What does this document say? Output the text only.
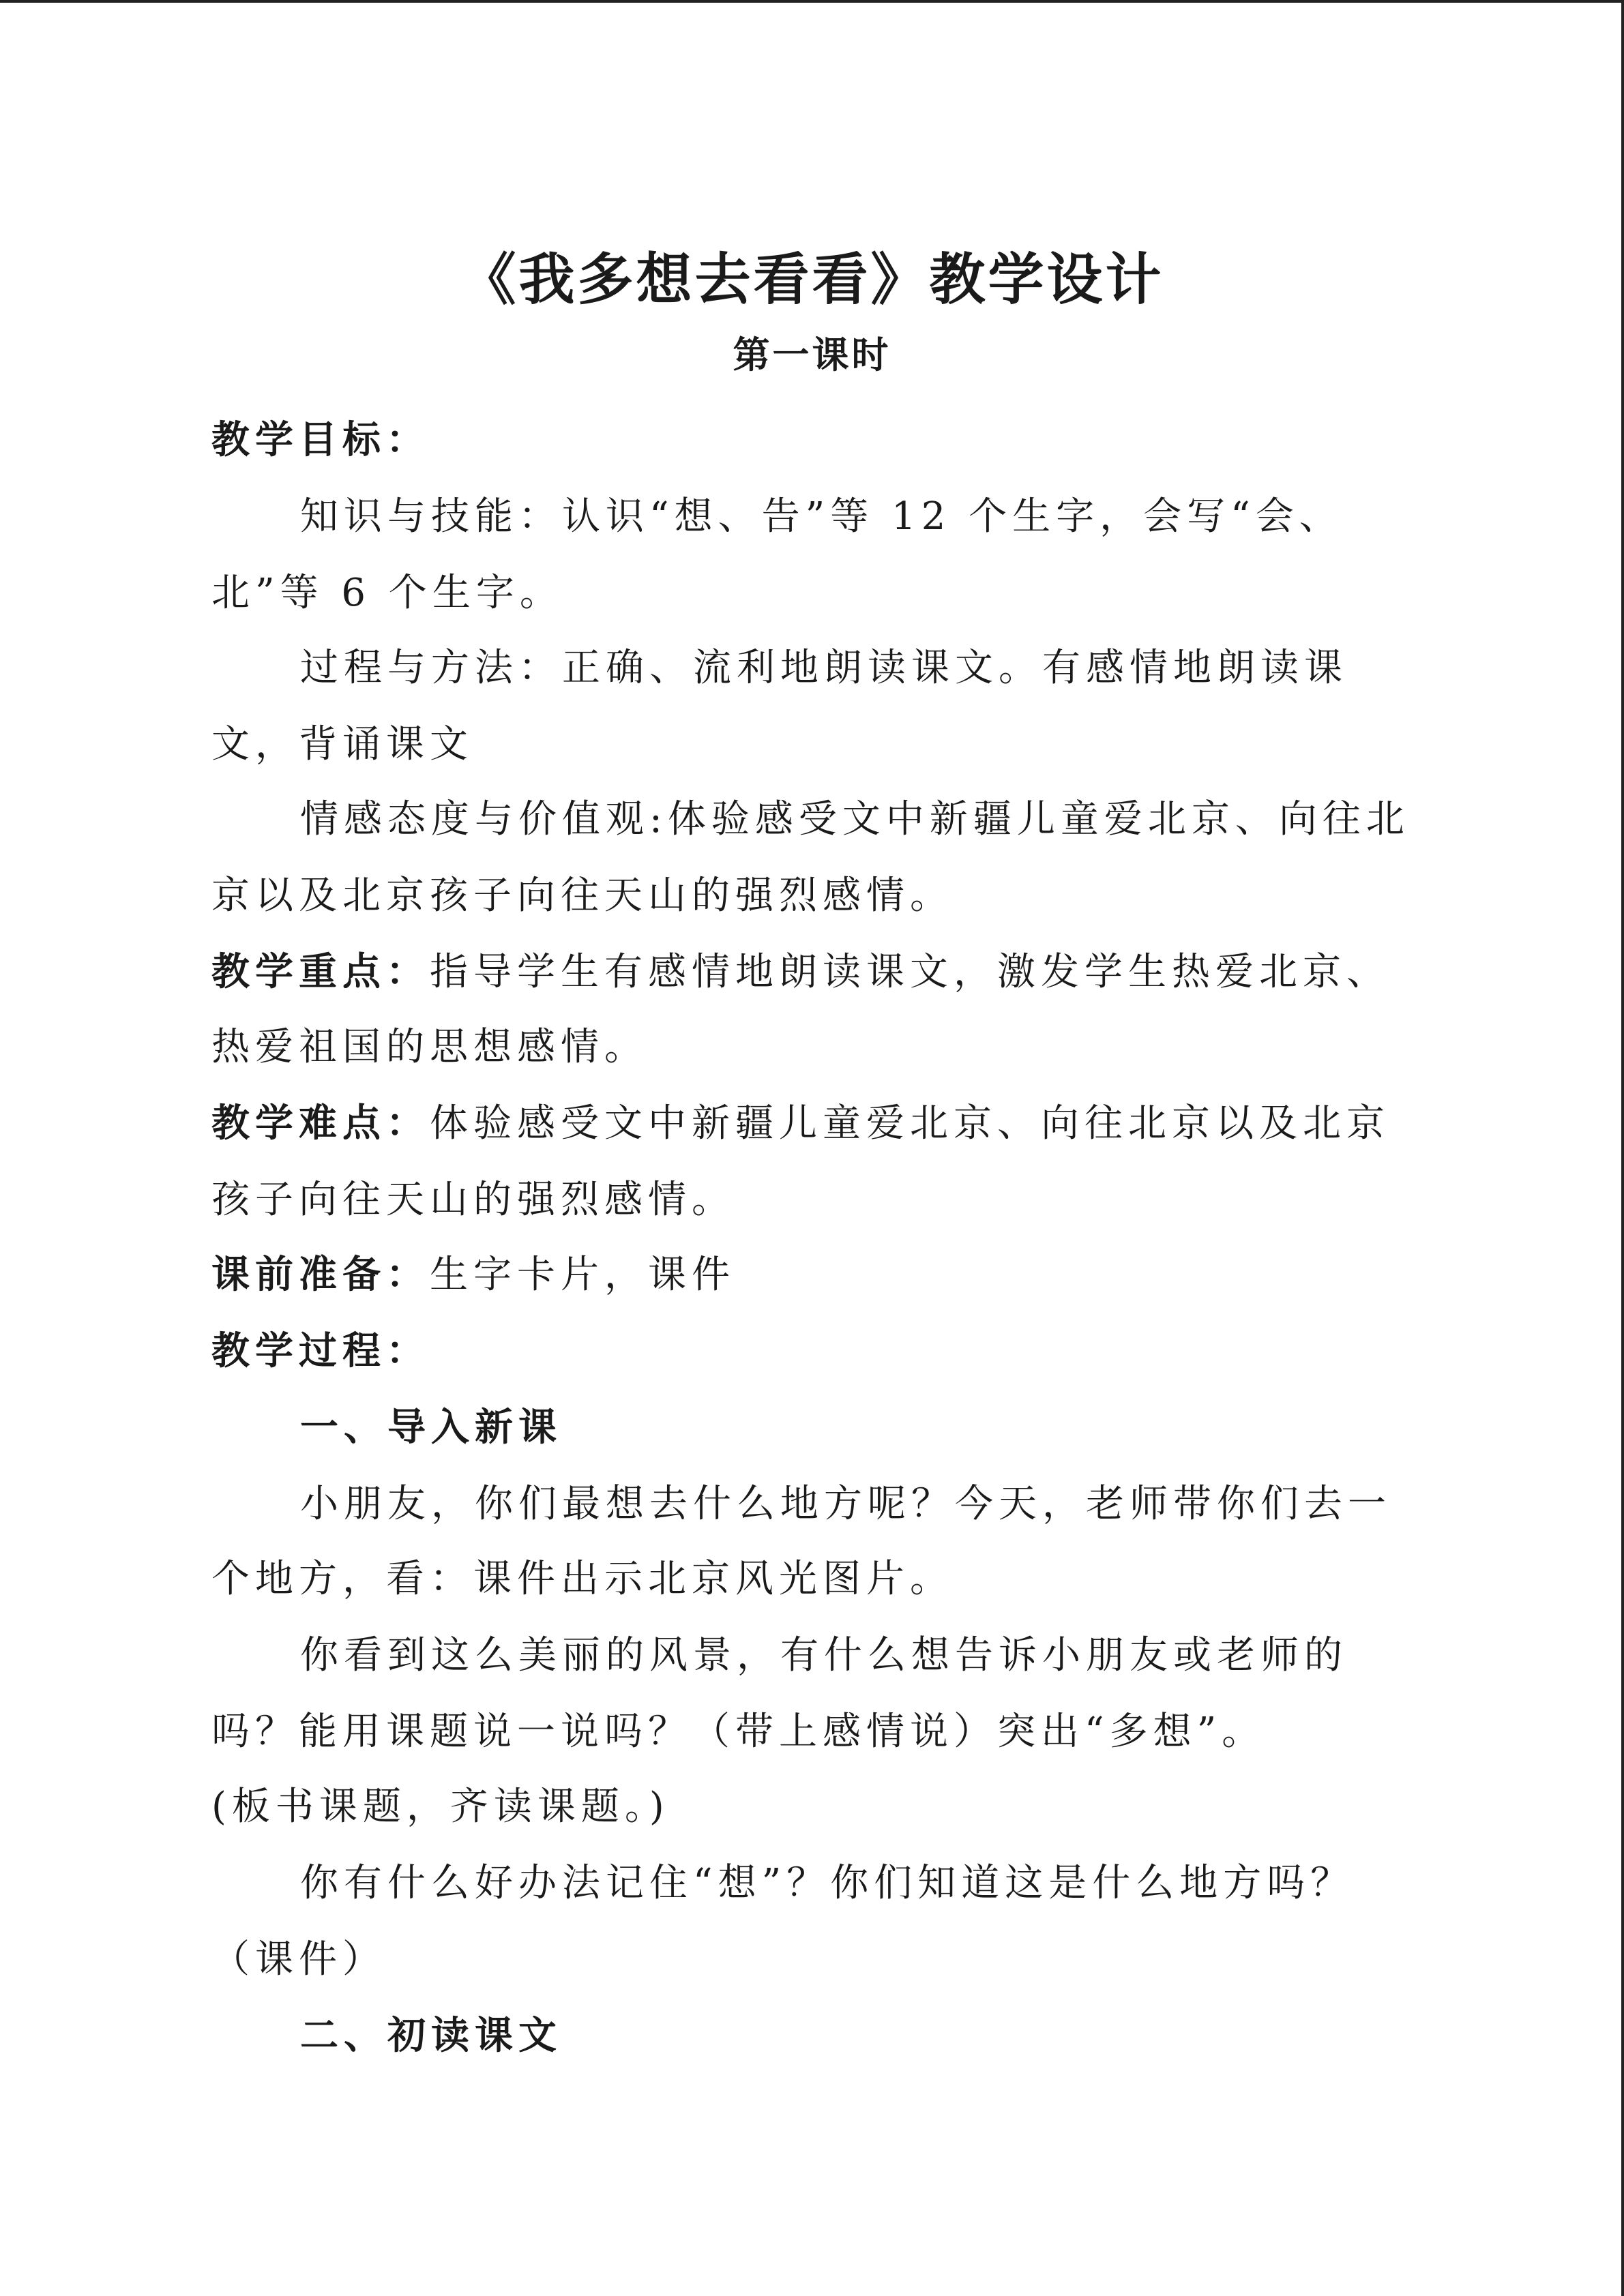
《我多想去看看》教学设计
第一课时
教学目标：
知识与技能：认识“想、告”等 12 个生字，会写“会、
北”等 6 个生字。
过程与方法：正确、流利地朗读课文。有感情地朗读课
文，背诵课文
情感态度与价值观:体验感受文中新疆儿童爱北京、向往北
京以及北京孩子向往天山的强烈感情。
教学重点：指导学生有感情地朗读课文，激发学生热爱北京、
热爱祖国的思想感情。
教学难点：体验感受文中新疆儿童爱北京、向往北京以及北京
孩子向往天山的强烈感情。
课前准备：生字卡片，课件
教学过程：
一、导入新课
小朋友，你们最想去什么地方呢？今天，老师带你们去一
个地方，看：课件出示北京风光图片。
你看到这么美丽的风景，有什么想告诉小朋友或老师的
吗？能用课题说一说吗？（带上感情说）突出“多想”。
(板书课题，齐读课题。)
你有什么好办法记住“想”？你们知道这是什么地方吗？
（课件）
二、初读课文
